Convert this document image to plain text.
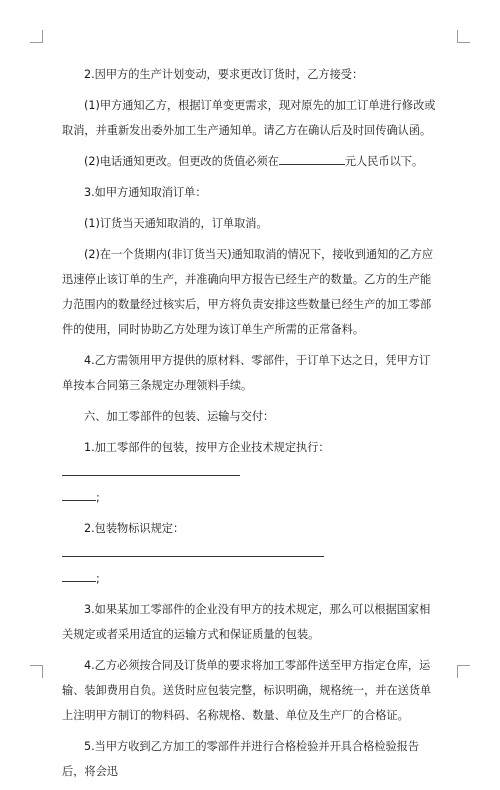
2.因甲方的生产计划变动，要求更改订货时，乙方接受：

(1)甲方通知乙方，根据订单变更需求，现对原先的加工订单进行修改或取消，并重新发出委外加工生产通知单。请乙方在确认后及时回传确认函。

(2)电话通知更改。但更改的货值必须在	元人民币以下。

3.如甲方通知取消订单：

(1)订货当天通知取消的，订单取消。

(2)在一个货期内(非订货当天)通知取消的情况下，接收到通知的乙方应迅速停止该订单的生产，并准确向甲方报告已经生产的数量。乙方的生产能力范围内的数量经过核实后，甲方将负责安排这些数量已经生产的加工零部件的使用，同时协助乙方处理为该订单生产所需的正常备料。

4.乙方需领用甲方提供的原材料、零部件，于订单下达之日，凭甲方订单按本合同第三条规定办理领料手续。

六、加工零部件的包装、运输与交付：

1.加工零部件的包装，按甲方企业技术规定执行：
;

2.包装物标识规定：
;

3.如果某加工零部件的企业没有甲方的技术规定，那么可以根据国家相关规定或者采用适宜的运输方式和保证质量的包装。

4.乙方必须按合同及订货单的要求将加工零部件送至甲方指定仓库，运输、装卸费用自负。送货时应包装完整，标识明确，规格统一，并在送货单上注明甲方制订的物料码、名称规格、数量、单位及生产厂的合格证。

5.当甲方收到乙方加工的零部件并进行合格检验并开具合格检验报告后，将会迅
